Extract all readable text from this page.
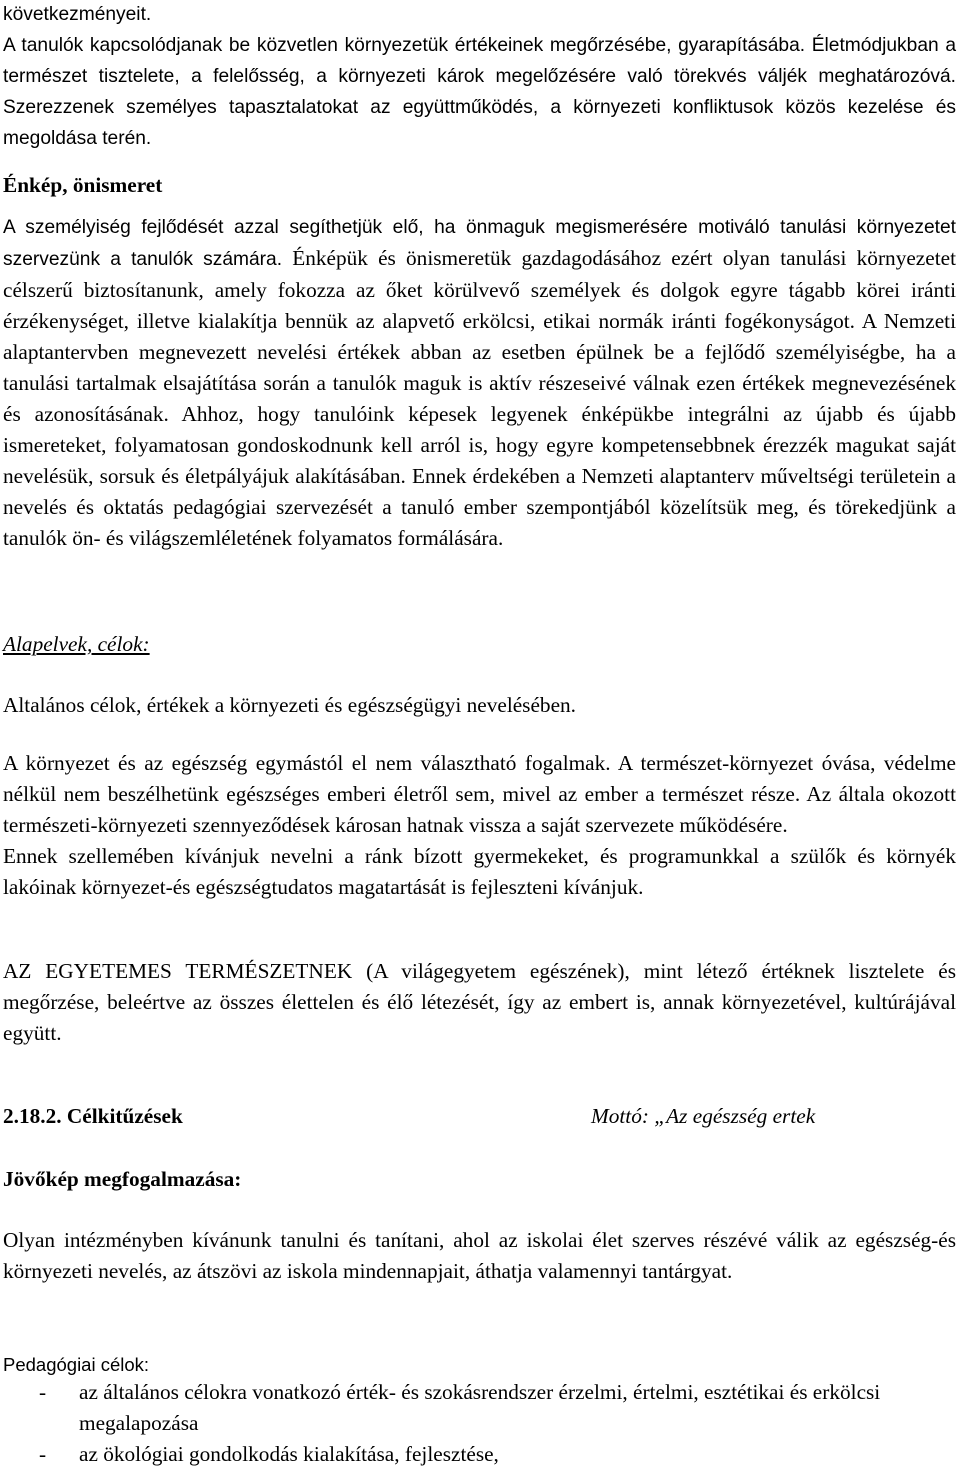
következményeit.

A tanulók kapcsolódjanak be közvetlen környezetük értékeinek megőrzésébe, gyarapításába. Életmódjukban a természet tisztelete, a felelősség, a környezeti károk megelőzésére való törekvés váljék meghatározóvá. Szerezzenek személyes tapasztalatokat az együttműködés, a környezeti konfliktusok közös kezelése és megoldása terén.

Énkép, önismeret

A személyiség fejlődését azzal segíthetjük elő, ha önmaguk megismerésére motiváló tanulási környezetet szervezünk a tanulók számára. Énképük és önismeretük gazdagodásához ezért olyan tanulási környezetet célszerű biztosítanunk, amely fokozza az őket körülvevő személyek és dolgok egyre tágabb körei iránti érzékenységet, illetve kialakítja bennük az alapvető erkölcsi, etikai normák iránti fogékonyságot. A Nemzeti alaptantervben megnevezett nevelési értékek abban az esetben épülnek be a fejlődő személyiségbe, ha a tanulási tartalmak elsajátítása során a tanulók maguk is aktív részeseivé válnak ezen értékek megnevezésének és azonosításának. Ahhoz, hogy tanulóink képesek legyenek énképükbe integrálni az újabb és újabb ismereteket, folyamatosan gondoskodnunk kell arról is, hogy egyre kompetensebbnek érezzék magukat saját nevelésük, sorsuk és életpályájuk alakításában. Ennek érdekében a Nemzeti alaptanterv műveltségi területein a nevelés és oktatás pedagógiai szervezését a tanuló ember szempontjából közelítsük meg, és törekedjünk a tanulók ön- és világszemléletének folyamatos formálására.

Alapelvek, célok:
Altalános célok, értékek a környezeti és egészségügyi nevelésében.

A környezet és az egészség egymástól el nem választható fogalmak. A természet-környezet óvása, védelme nélkül nem beszélhetünk egészséges emberi életről sem, mivel az ember a természet része. Az általa okozott természeti-környezeti szennyeződések károsan hatnak vissza a saját szervezete működésére.

Ennek szellemében kívánjuk nevelni a ránk bízott gyermekeket, és programunkkal a szülők és környék lakóinak környezet-és egészségtudatos magatartását is fejleszteni kívánjuk.

AZ EGYETEMES TERMÉSZETNEK (A világegyetem egészének), mint létező értéknek lisztelete és megőrzése, beleértve az összes élettelen és élő létezését, így az embert is, annak környezetével, kultúrájával együtt.

2.18.2. Célkitűzések	Mottó: „Az egészség ertek
Jövőkép megfogalmazása:

Olyan intézményben kívánunk tanulni és tanítani, ahol az iskolai élet szerves részévé válik az egészség-és környezeti nevelés, az átszövi az iskola mindennapjait, áthatja valamennyi tantárgyat.

Pedagógiai célok:
- az általános célokra vonatkozó érték- és szokásrendszer érzelmi, értelmi, esztétikai és erkölcsi megalapozása
- az ökológiai gondolkodás kialakítása, fejlesztése,
